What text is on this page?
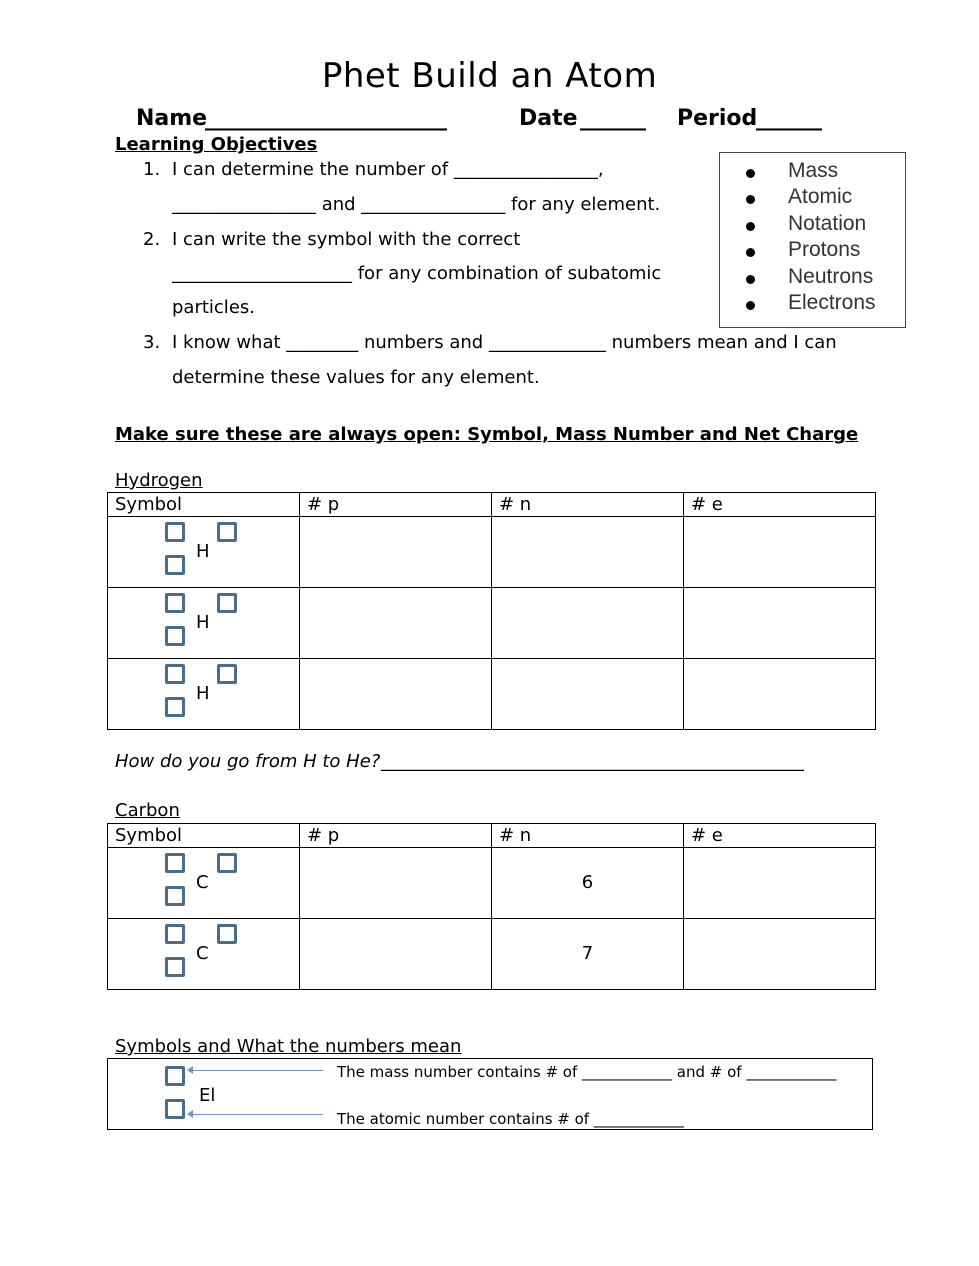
Phet Build an Atom
Name
______________________	Date ______ Period
______
Learning Objectives
1. I can determine the number of ________________,
________________ and ________________ for any element.
2. I can write the symbol with the correct
____________________ for any combination of subatomic
particles.
3. I know what ________ numbers and _____________ numbers mean and I can
determine these values for any element.
Mass
Atomic
Notation
Protons
Neutrons
Electrons
Make sure these are always open: Symbol, Mass Number and Net Charge
Hydrogen
Symbol	# p	# n	# e

H			

H			

H			

How do you go from H to He? _______________________________________________
Carbon
Symbol	# p	# n	# e

C		6	

C		7	
Symbols and What the numbers mean
El
The mass number contains # of ____________ and # of ____________
The atomic number contains # of ____________
